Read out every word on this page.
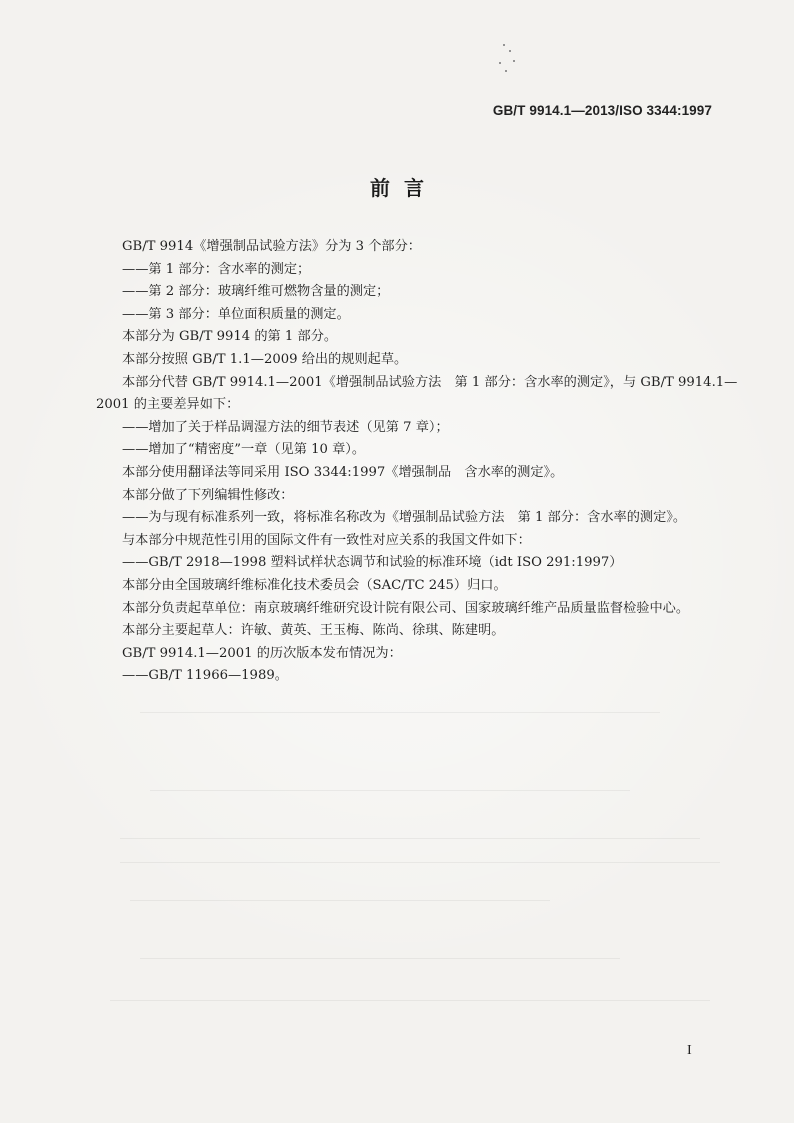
GB/T 9914.1—2013/ISO 3344:1997
前言
GB/T 9914《增强制品试验方法》分为 3 个部分：
——第 1 部分：含水率的测定；
——第 2 部分：玻璃纤维可燃物含量的测定；
——第 3 部分：单位面积质量的测定。
本部分为 GB/T 9914 的第 1 部分。
本部分按照 GB/T 1.1—2009 给出的规则起草。
本部分代替 GB/T 9914.1—2001《增强制品试验方法　第 1 部分：含水率的测定》，与 GB/T 9914.1—
2001 的主要差异如下：
——增加了关于样品调湿方法的细节表述（见第 7 章）；
——增加了“精密度”一章（见第 10 章）。
本部分使用翻译法等同采用 ISO 3344:1997《增强制品　含水率的测定》。
本部分做了下列编辑性修改：
——为与现有标准系列一致，将标准名称改为《增强制品试验方法　第 1 部分：含水率的测定》。
与本部分中规范性引用的国际文件有一致性对应关系的我国文件如下：
——GB/T 2918—1998 塑料试样状态调节和试验的标准环境（idt ISO 291:1997）
本部分由全国玻璃纤维标准化技术委员会（SAC/TC 245）归口。
本部分负责起草单位：南京玻璃纤维研究设计院有限公司、国家玻璃纤维产品质量监督检验中心。
本部分主要起草人：许敏、黄英、王玉梅、陈尚、徐琪、陈建明。
GB/T 9914.1—2001 的历次版本发布情况为：
——GB/T 11966—1989。
I
